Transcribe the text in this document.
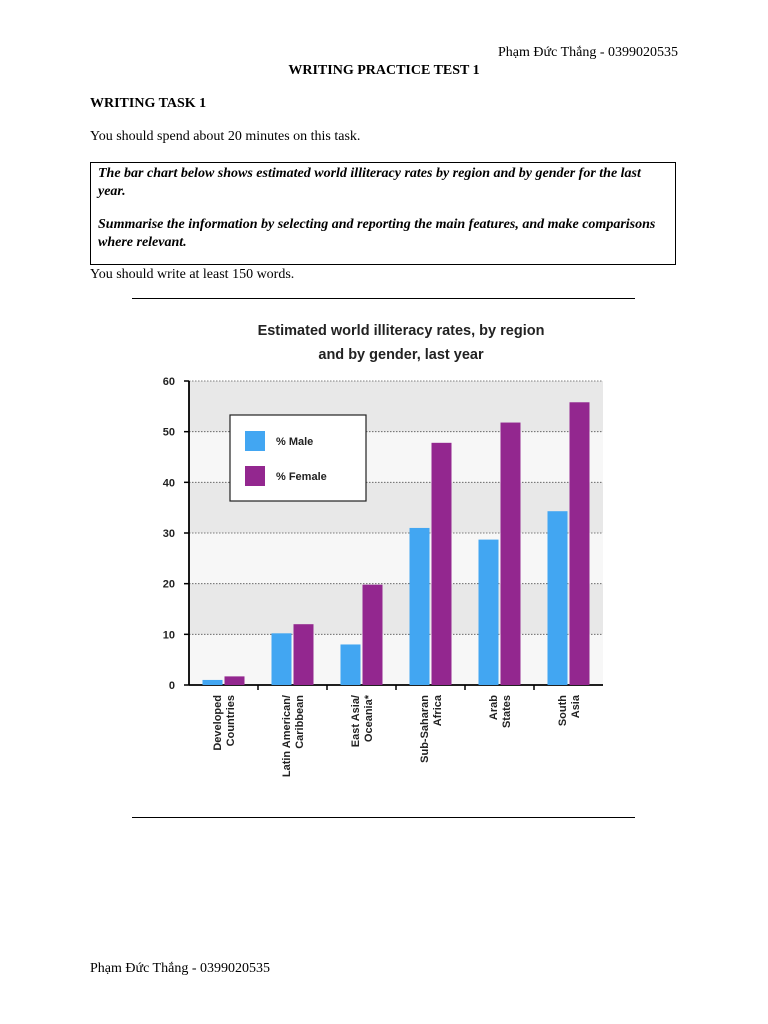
Phạm Đức Thắng - 0399020535
WRITING PRACTICE TEST 1
WRITING TASK 1
You should spend about 20 minutes on this task.

The bar chart below shows estimated world illiteracy rates by region and by gender for the last year.

Summarise the information by selecting and reporting the main features, and make comparisons where relevant.

You should write at least 150 words.
Estimated world illiteracy rates, by region
and by gender, last year
0
10
20
30
40
50
60
DevelopedCountries	Latin American/Caribbean	East Asia/Oceania*	Sub-SaharanAfrica	ArabStates	SouthAsia
% Male
% Female
Phạm Đức Thắng - 0399020535
